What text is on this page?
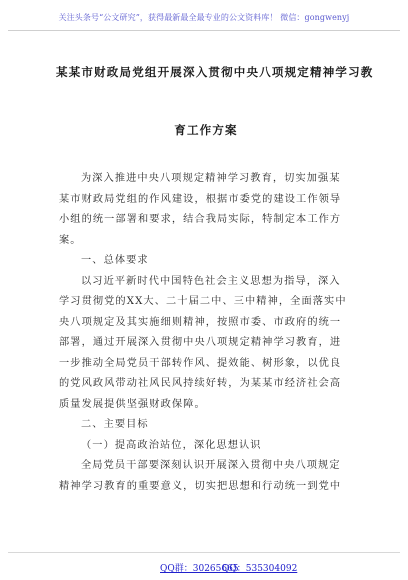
关注头条号“公文研究”，获得最新最全最专业的公文资料库！ 微信：gongwenyj
某某市财政局党组开展深入贯彻中央八项规定精神学习教
育工作方案
为深入推进中央八项规定精神学习教育，切实加强某
某市财政局党组的作风建设，根据市委党的建设工作领导
小组的统一部署和要求，结合我局实际，特制定本工作方
案。
一、总体要求
以习近平新时代中国特色社会主义思想为指导，深入
学习贯彻党的XX大、二十届二中、三中精神，全面落实中
央八项规定及其实施细则精神，按照市委、市政府的统一
部署，通过开展深入贯彻中央八项规定精神学习教育，进
一步推动全局党员干部转作风、提效能、树形象，以优良
的党风政风带动社风民风持续好转，为某某市经济社会高
质量发展提供坚强财政保障。
二、主要目标
（一）提高政治站位，深化思想认识
全局党员干部要深刻认识开展深入贯彻中央八项规定
精神学习教育的重要意义，切实把思想和行动统一到党中
QQ群：30265665
QQ：535304092
